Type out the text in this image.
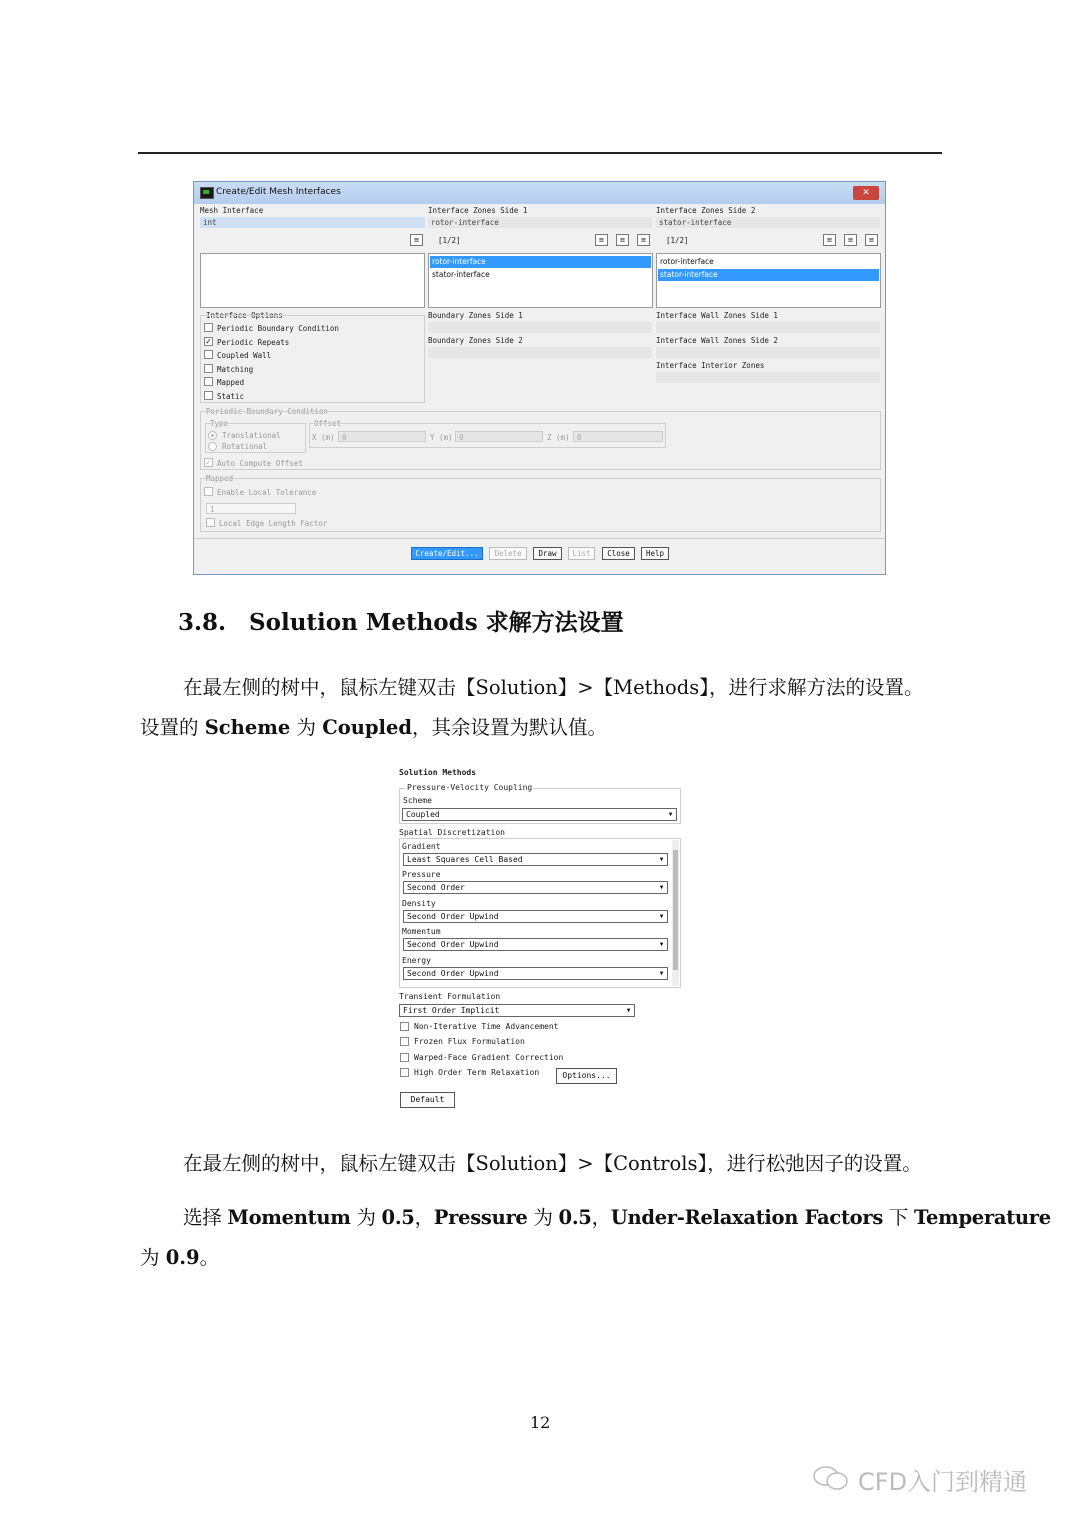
Create/Edit Mesh Interfaces	✕
Mesh Interface
int
≡
Interface Options
Periodic Boundary Condition
✓ Periodic Repeats
Coupled Wall
Matching
Mapped
Static
Interface Zones Side 1
rotor-interface
[1/2]	≡	≡	≡
rotor-interface
stator-interface
Boundary Zones Side 1
Boundary Zones Side 2
Interface Zones Side 2
stator-interface
[1/2]	≡	≡	≡
rotor-interface
stator-interface
Interface Wall Zones Side 1
Interface Wall Zones Side 2
Interface Interior Zones
Periodic Boundary Condition
Type
Translational
Rotational
Offset
X (m) 0	Y (m) 0	Z (m) 0
✓ Auto Compute Offset
Mapped
Enable Local Tolerance
1
Local Edge Length Factor
Create/Edit...	Delete	Draw	List	Close	Help
3.8.　Solution Methods 求解方法设置
在最左侧的树中，鼠标左键双击【Solution】>【Methods】，进行求解方法的设置。
设置的 Scheme 为 Coupled，其余设置为默认值。
Solution Methods
Pressure-Velocity Coupling
Scheme
Coupled	▼
Spatial Discretization
Gradient
Least Squares Cell Based	▼
Pressure
Second Order	▼
Density
Second Order Upwind	▼
Momentum
Second Order Upwind	▼
Energy
Second Order Upwind	▼
Transient Formulation
First Order Implicit	▼
Non-Iterative Time Advancement
Frozen Flux Formulation
Warped-Face Gradient Correction
High Order Term Relaxation	Options...
Default
在最左侧的树中，鼠标左键双击【Solution】>【Controls】，进行松弛因子的设置。
选择 Momentum 为 0.5，Pressure 为 0.5，Under-Relaxation Factors 下 Temperature
为 0.9。
12
CFD入门到精通
